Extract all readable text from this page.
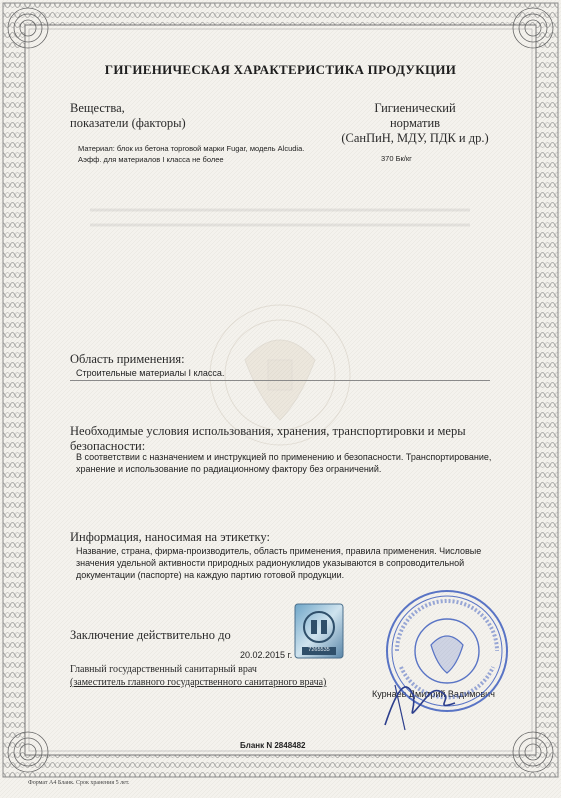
ГИГИЕНИЧЕСКАЯ ХАРАКТЕРИСТИКА ПРОДУКЦИИ
Вещества,
показатели (факторы)
Гигиенический
норматив
(СанПиН, МДУ, ПДК и др.)
Материал: блок из бетона торговой марки Fugar, модель Alcudia.
Аэфф. для материалов I класса не более	370 Бк/кг
Область применения:
Строительные материалы I класса.
Необходимые условия использования, хранения, транспортировки и меры
безопасности:
В соответствии с назначением и инструкцией по применению и безопасности. Транспортирование,
хранение и использование по радиационному фактору без ограничений.
Информация, наносимая на этикетку:
Название, страна, фирма-производитель, область применения, правила применения. Числовые
значения удельной активности природных радионуклидов указываются в сопроводительной
документации (паспорте) на каждую партию готовой продукции.
Заключение действительно до
20.02.2015 г.	7265535
Главный государственный санитарный врач
(заместитель главного государственного санитарного врача)
Курнаев Дмитрий Вадимович
Бланк N 2848482
Формат А4 Бланк. Срок хранения 5 лет.
